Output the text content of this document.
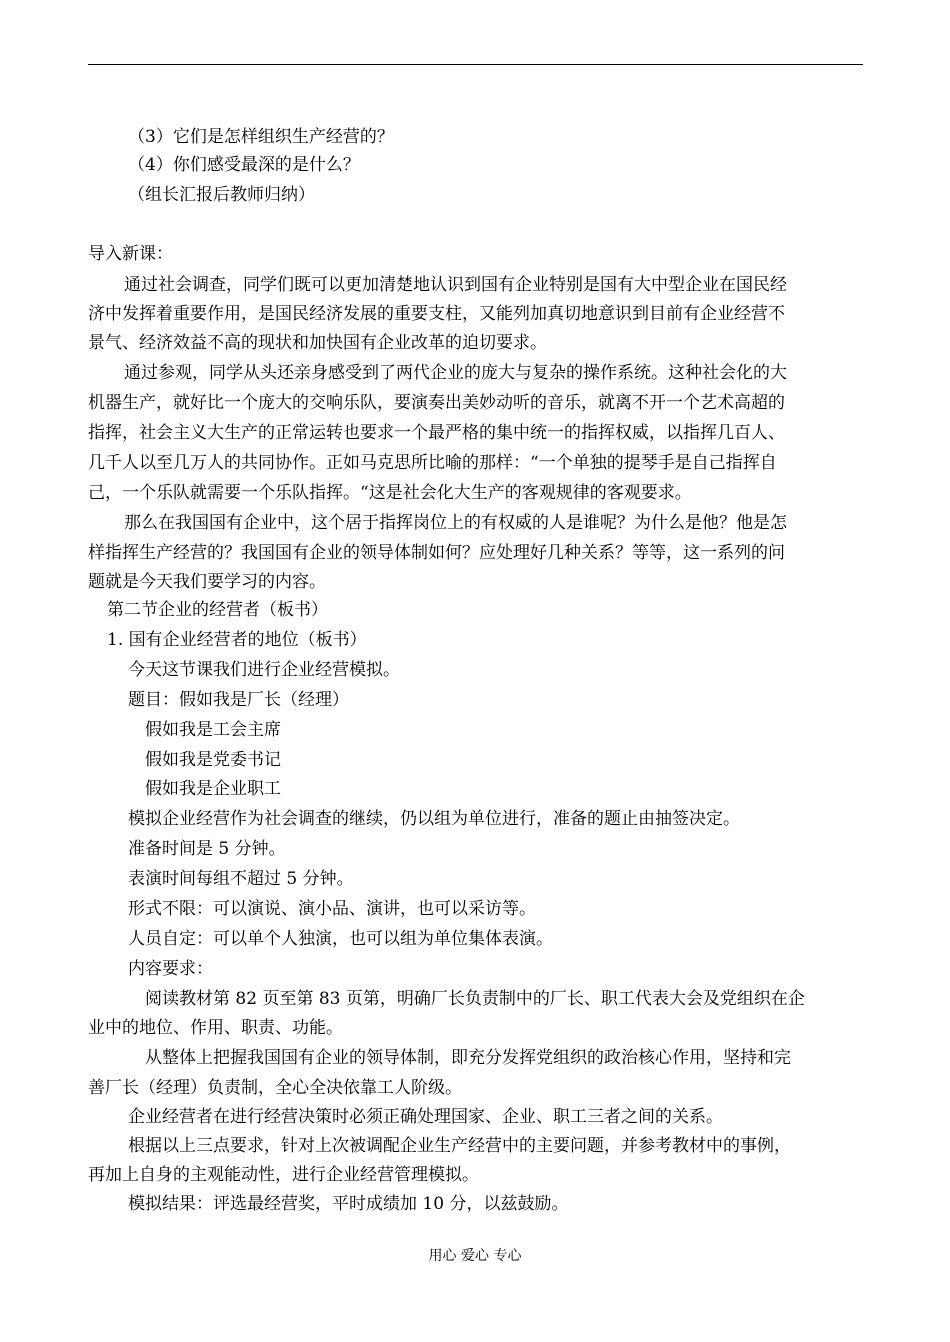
（3）它们是怎样组织生产经营的？
（4）你们感受最深的是什么？
（组长汇报后教师归纳）
导入新课：
通过社会调查，同学们既可以更加清楚地认识到国有企业特别是国有大中型企业在国民经
济中发挥着重要作用，是国民经济发展的重要支柱，又能列加真切地意识到目前有企业经营不
景气、经济效益不高的现状和加快国有企业改革的迫切要求。
通过参观，同学从头还亲身感受到了两代企业的庞大与复杂的操作系统。这种社会化的大
机器生产，就好比一个庞大的交响乐队，要演奏出美妙动听的音乐，就离不开一个艺术高超的
指挥，社会主义大生产的正常运转也要求一个最严格的集中统一的指挥权威，以指挥几百人、
几千人以至几万人的共同协作。正如马克思所比喻的那样：“一个单独的提琴手是自己指挥自
己，一个乐队就需要一个乐队指挥。“这是社会化大生产的客观规律的客观要求。
那么在我国国有企业中，这个居于指挥岗位上的有权威的人是谁呢？为什么是他？他是怎
样指挥生产经营的？我国国有企业的领导体制如何？应处理好几种关系？等等，这一系列的问
题就是今天我们要学习的内容。
第二节企业的经营者（板书）
1. 国有企业经营者的地位（板书）
今天这节课我们进行企业经营模拟。
题目：假如我是厂长（经理）
假如我是工会主席
假如我是党委书记
假如我是企业职工
模拟企业经营作为社会调查的继续，仍以组为单位进行，准备的题止由抽签决定。
准备时间是 5 分钟。
表演时间每组不超过 5 分钟。
形式不限：可以演说、演小品、演讲，也可以采访等。
人员自定：可以单个人独演，也可以组为单位集体表演。
内容要求：
阅读教材第 82 页至第 83 页第，明确厂长负责制中的厂长、职工代表大会及党组织在企
业中的地位、作用、职责、功能。
从整体上把握我国国有企业的领导体制，即充分发挥党组织的政治核心作用，坚持和完
善厂长（经理）负责制，全心全决依靠工人阶级。
企业经营者在进行经营决策时必须正确处理国家、企业、职工三者之间的关系。
根据以上三点要求，针对上次被调配企业生产经营中的主要问题，并参考教材中的事例，
再加上自身的主观能动性，进行企业经营管理模拟。
模拟结果：评选最经营奖，平时成绩加 10 分，以兹鼓励。
用心 爱心 专心
